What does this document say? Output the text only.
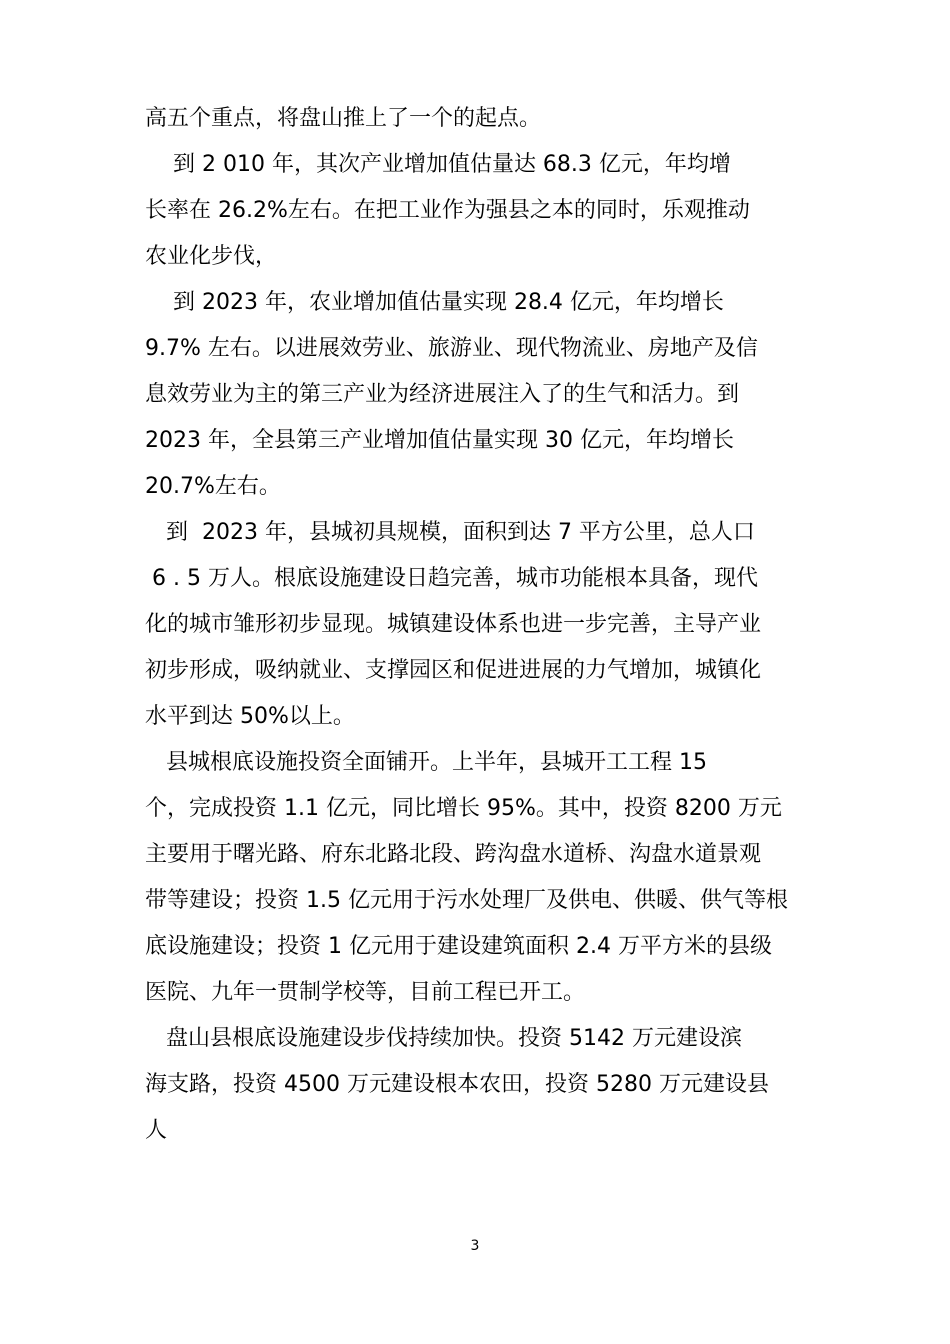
高五个重点，将盘山推上了一个的起点。

到 2 010 年，其次产业增加值估量达 68.3 亿元，年均增

长率在 26.2%左右。在把工业作为强县之本的同时，乐观推动

农业化步伐，

到 2023 年，农业增加值估量实现 28.4 亿元，年均增长

9.7% 左右。以进展效劳业、旅游业、现代物流业、房地产及信

息效劳业为主的第三产业为经济进展注入了的生气和活力。到

2023 年，全县第三产业增加值估量实现 30 亿元，年均增长

20.7%左右。

到  2023 年，县城初具规模，面积到达 7 平方公里，总人口

6 . 5 万人。根底设施建设日趋完善，城市功能根本具备，现代

化的城市雏形初步显现。城镇建设体系也进一步完善，主导产业

初步形成，吸纳就业、支撑园区和促进进展的力气增加，城镇化

水平到达 50%以上。

县城根底设施投资全面铺开。上半年，县城开工工程 15

个，完成投资 1.1 亿元，同比增长 95%。其中，投资 8200 万元

主要用于曙光路、府东北路北段、跨沟盘水道桥、沟盘水道景观

带等建设；投资 1.5 亿元用于污水处理厂及供电、供暖、供气等根

底设施建设；投资 1 亿元用于建设建筑面积 2.4 万平方米的县级

医院、九年一贯制学校等，目前工程已开工。

盘山县根底设施建设步伐持续加快。投资 5142 万元建设滨

海支路，投资 4500 万元建设根本农田，投资 5280 万元建设县

人

3
